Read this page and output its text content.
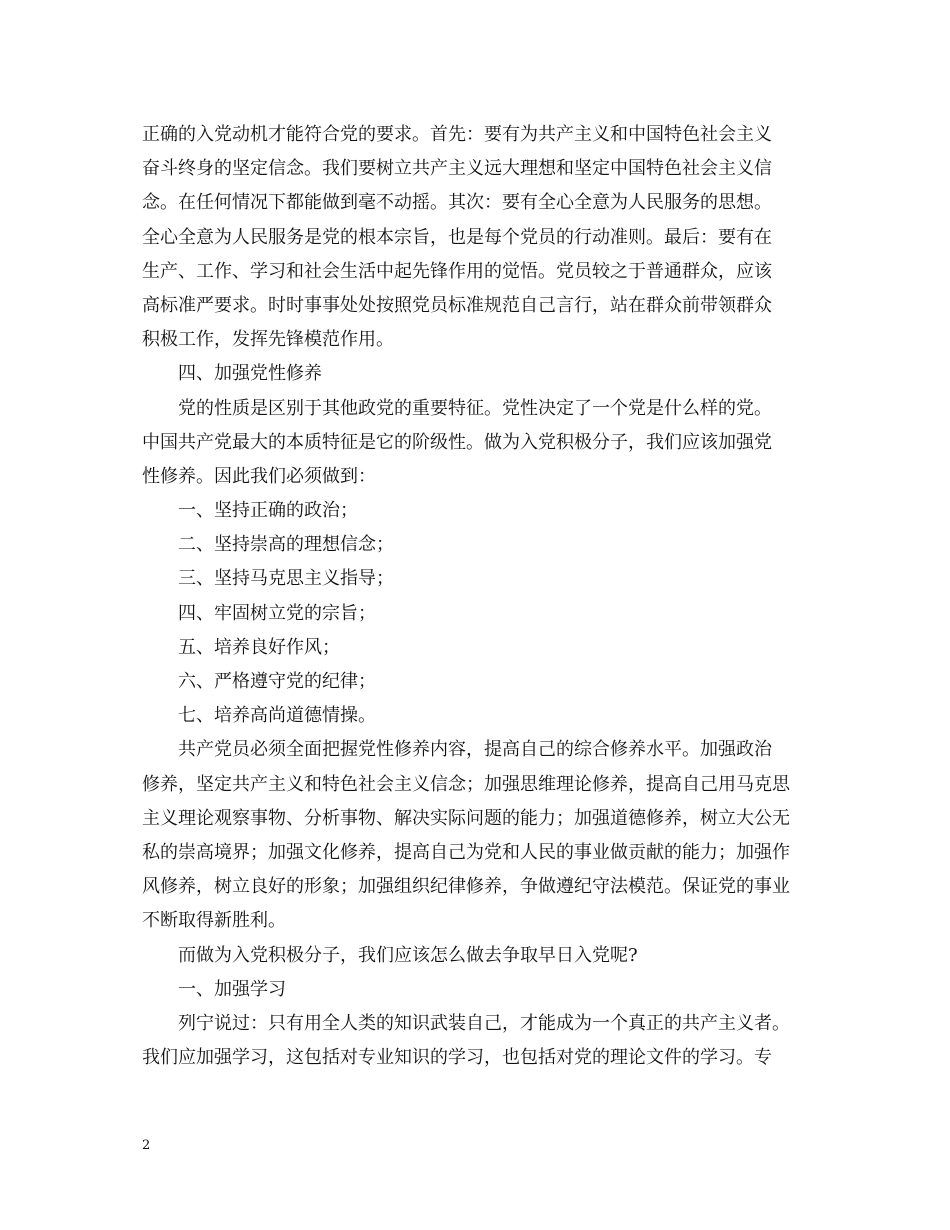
正确的入党动机才能符合党的要求。首先：要有为共产主义和中国特色社会主义
奋斗终身的坚定信念。我们要树立共产主义远大理想和坚定中国特色社会主义信
念。在任何情况下都能做到毫不动摇。其次：要有全心全意为人民服务的思想。
全心全意为人民服务是党的根本宗旨，也是每个党员的行动准则。最后：要有在
生产、工作、学习和社会生活中起先锋作用的觉悟。党员较之于普通群众，应该
高标准严要求。时时事事处处按照党员标准规范自己言行，站在群众前带领群众
积极工作，发挥先锋模范作用。
四、加强党性修养
党的性质是区别于其他政党的重要特征。党性决定了一个党是什么样的党。
中国共产党最大的本质特征是它的阶级性。做为入党积极分子，我们应该加强党
性修养。因此我们必须做到：
一、坚持正确的政治；
二、坚持崇高的理想信念；
三、坚持马克思主义指导；
四、牢固树立党的宗旨；
五、培养良好作风；
六、严格遵守党的纪律；
七、培养高尚道德情操。
共产党员必须全面把握党性修养内容，提高自己的综合修养水平。加强政治
修养，坚定共产主义和特色社会主义信念；加强思维理论修养，提高自己用马克思
主义理论观察事物、分析事物、解决实际问题的能力；加强道德修养，树立大公无
私的崇高境界；加强文化修养，提高自己为党和人民的事业做贡献的能力；加强作
风修养，树立良好的形象；加强组织纪律修养，争做遵纪守法模范。保证党的事业
不断取得新胜利。
而做为入党积极分子，我们应该怎么做去争取早日入党呢?
一、加强学习
列宁说过：只有用全人类的知识武装自己，才能成为一个真正的共产主义者。
我们应加强学习，这包括对专业知识的学习，也包括对党的理论文件的学习。专
2
